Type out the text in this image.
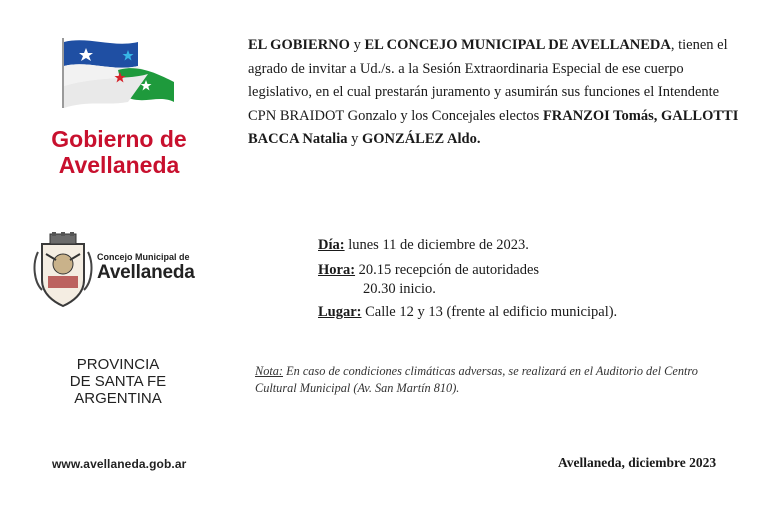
Gobierno de
Avellaneda
Concejo Municipal de
Avellaneda
PROVINCIA
DE SANTA FE
ARGENTINA
www.avellaneda.gob.ar
EL GOBIERNO y EL CONCEJO MUNICIPAL DE AVELLANEDA, tienen el agrado de invitar a Ud./s. a la Sesión Extraordinaria Especial de ese cuerpo legislativo, en el cual prestarán juramento y asumirán sus funciones el Intendente CPN BRAIDOT Gonzalo y los Concejales electos FRANZOI Tomás, GALLOTTI BACCA Natalia y GONZÁLEZ Aldo.
Día: lunes 11 de diciembre de 2023.
Hora: 20.15 recepción de autoridades
20.30 inicio.
Lugar: Calle 12 y 13 (frente al edificio municipal).
Nota: En caso de condiciones climáticas adversas, se realizará en el Auditorio del Centro Cultural Municipal (Av. San Martín 810).
Avellaneda, diciembre 2023
